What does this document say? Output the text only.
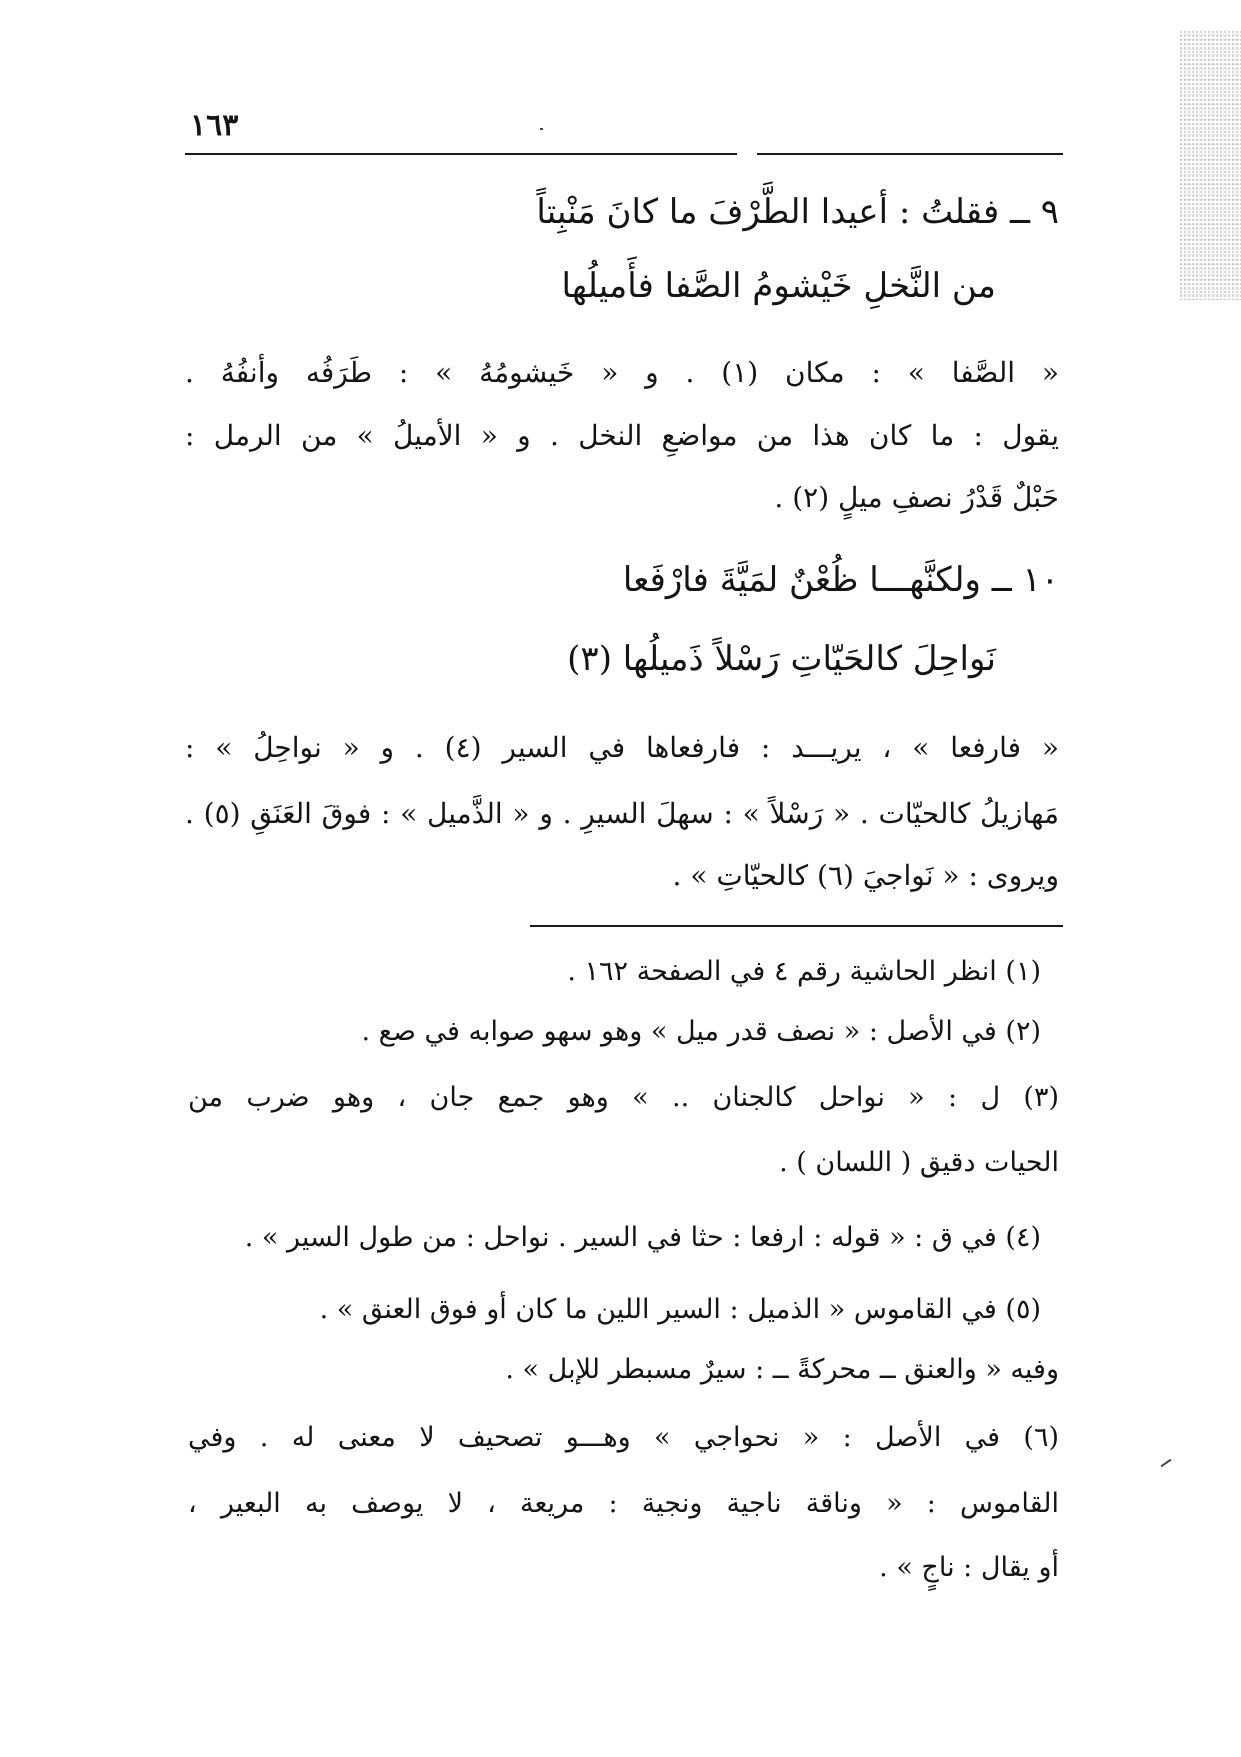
١٦٣
٩ ــ فقلتُ : أعيدا الطَّرْفَ ما كانَ مَنْبِتاً
من النَّخلِ خَيْشومُ الصَّفا فأَميلُها
« الصَّفا » : مكان (١) . و « خَيشومُهُ » : طَرَفُه وأنفُهُ .
يقول : ما كان هذا من مواضعِ النخل . و « الأميلُ » من الرمل :
حَبْلٌ قَدْرُ نصفِ ميلٍ (٢) .
١٠ ــ ولكنَّهـــا ظُعْنٌ لمَيَّةَ فارْفَعا
نَواحِلَ كالحَيّاتِ رَسْلاً ذَميلُها (٣)
« فارفعا » ، يريـــد : فارفعاها في السير (٤) . و « نواحِلُ » :
مَهازيلُ كالحيّات . « رَسْلاً » : سهلَ السيرِ . و « الذَّميل » : فوقَ العَنَقِ (٥) .
ويروى : « نَواجيَ (٦) كالحيّاتِ » .
(١) انظر الحاشية رقم ٤ في الصفحة ١٦٢ .
(٢) في الأصل : « نصف قدر ميل » وهو سهو صوابه في صع .
(٣) ل : « نواحل كالجنان .. » وهو جمع جان ، وهو ضرب من
الحيات دقيق ( اللسان ) .
(٤) في ق : « قوله : ارفعا : حثا في السير . نواحل : من طول السير » .
(٥) في القاموس « الذميل : السير اللين ما كان أو فوق العنق » .
وفيه « والعنق ــ محركةً ــ : سيرٌ مسبطر للإبل » .
(٦) في الأصل : « نحواجي » وهـــو تصحيف لا معنى له . وفي
القاموس : « وناقة ناجية ونجية : مريعة ، لا يوصف به البعير ،
أو يقال : ناجٍ » .
